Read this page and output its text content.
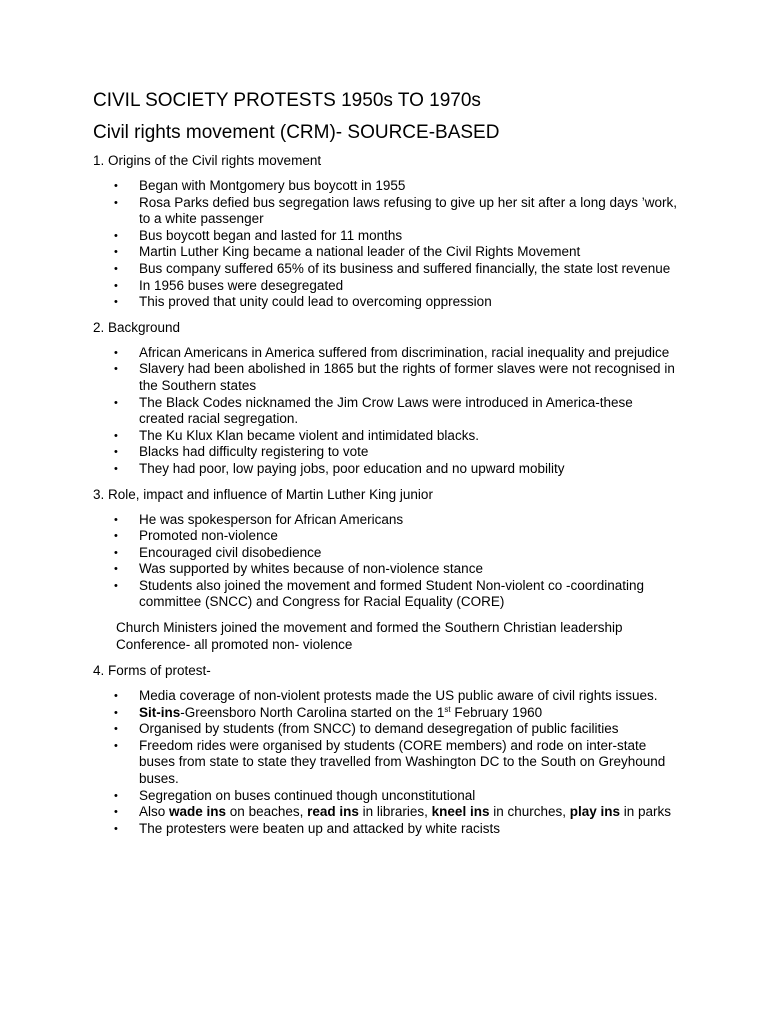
CIVIL SOCIETY PROTESTS 1950s TO 1970s
Civil rights movement (CRM)- SOURCE-BASED
1. Origins of the Civil rights movement
• Began with Montgomery bus boycott in 1955
• Rosa Parks defied bus segregation laws refusing to give up her sit after a long days ’work, to a white passenger
• Bus boycott began and lasted for 11 months
• Martin Luther King became a national leader of the Civil Rights Movement
• Bus company suffered 65% of its business and suffered financially, the state lost revenue
• In 1956 buses were desegregated
• This proved that unity could lead to overcoming oppression
2. Background
• African Americans in America suffered from discrimination, racial inequality and prejudice
• Slavery had been abolished in 1865 but the rights of former slaves were not recognised in the Southern states
• The Black Codes nicknamed the Jim Crow Laws were introduced in America-these created racial segregation.
• The Ku Klux Klan became violent and intimidated blacks.
• Blacks had difficulty registering to vote
• They had poor, low paying jobs, poor education and no upward mobility
3. Role, impact and influence of Martin Luther King junior
• He was spokesperson for African Americans
• Promoted non-violence
• Encouraged civil disobedience
• Was supported by whites because of non-violence stance
• Students also joined the movement and formed Student Non-violent co -coordinating committee (SNCC) and Congress for Racial Equality (CORE)
Church Ministers joined the movement and formed the Southern Christian leadership Conference- all promoted non- violence
4. Forms of protest-
• Media coverage of non-violent protests made the US public aware of civil rights issues.
• Sit-ins-Greensboro North Carolina started on the 1st February 1960
• Organised by students (from SNCC) to demand desegregation of public facilities
• Freedom rides were organised by students (CORE members) and rode on inter-state buses from state to state they travelled from Washington DC to the South on Greyhound buses.
• Segregation on buses continued though unconstitutional
• Also wade ins on beaches, read ins in libraries, kneel ins in churches, play ins in parks
• The protesters were beaten up and attacked by white racists
